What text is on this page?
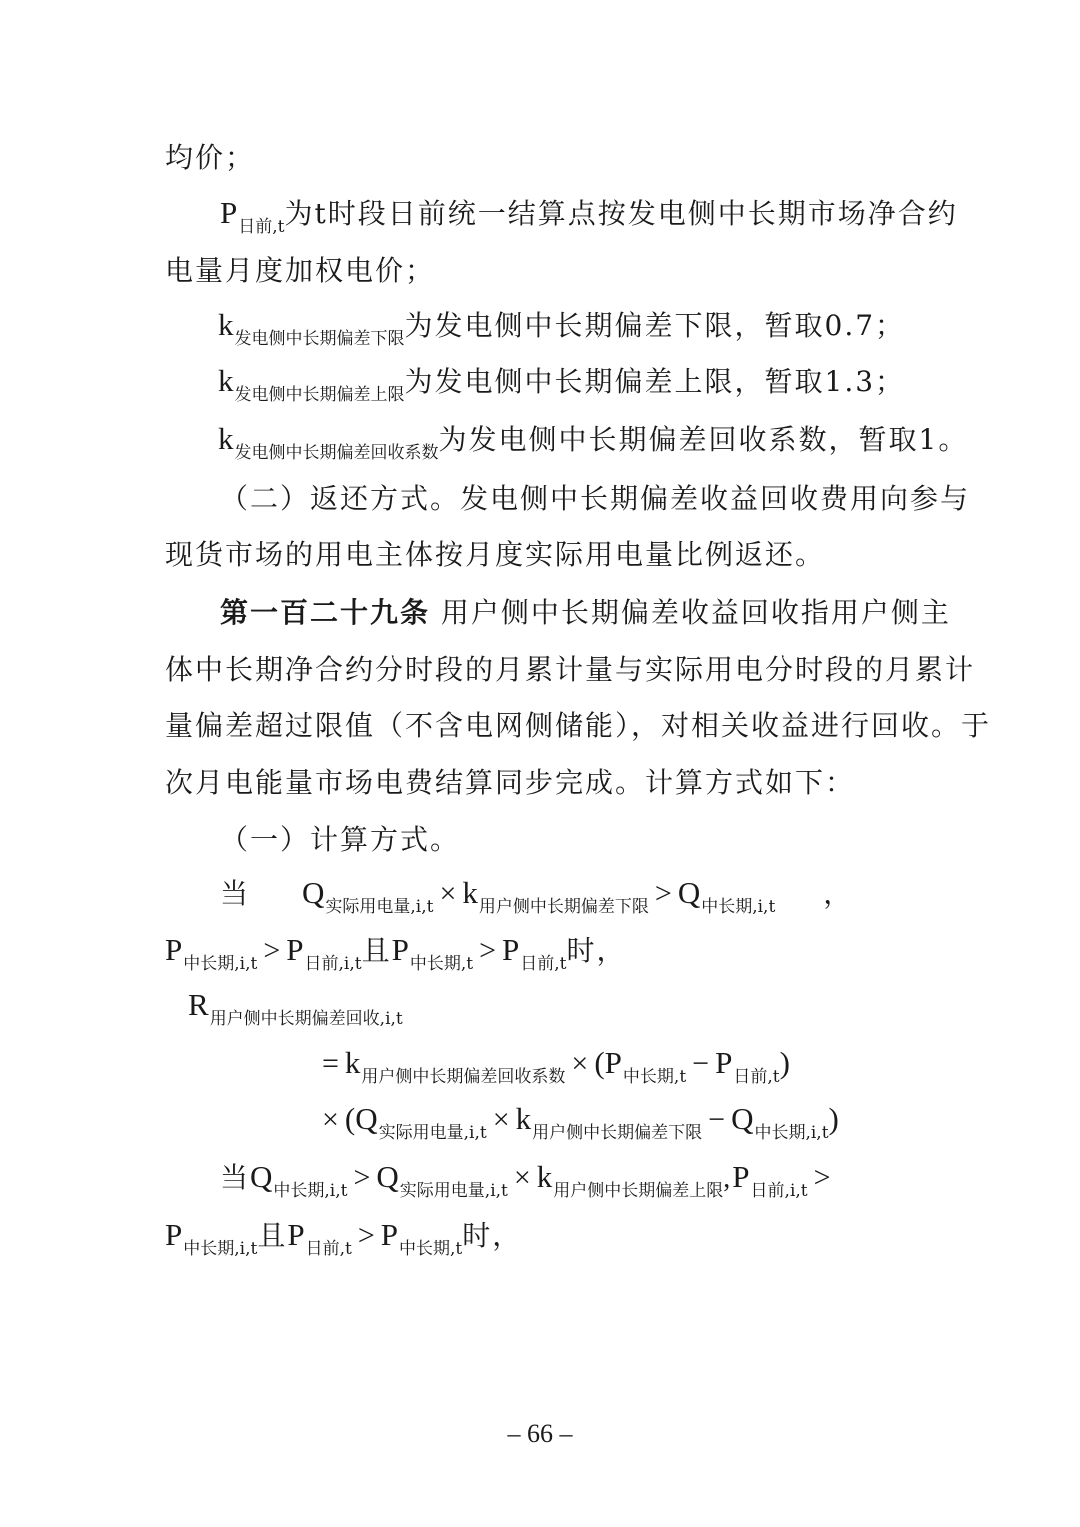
均价；
$P_{日前,t}$为t时段日前统一结算点按发电侧中长期市场净合约
电量月度加权电价；
$k_{发电侧中长期偏差下限}$为发电侧中长期偏差下限，暂取0.7；
$k_{发电侧中长期偏差上限}$为发电侧中长期偏差上限，暂取1.3；
$k_{发电侧中长期偏差回收系数}$为发电侧中长期偏差回收系数，暂取1。
（二）返还方式。发电侧中长期偏差收益回收费用向参与
现货市场的用电主体按月度实际用电量比例返还。
第一百二十九条 用户侧中长期偏差收益回收指用户侧主
体中长期净合约分时段的月累计量与实际用电分时段的月累计
量偏差超过限值（不含电网侧储能），对相关收益进行回收。于
次月电能量市场电费结算同步完成。计算方式如下：
（一）计算方式。
当 $Q_{实际用电量,i,t} \times k_{用户侧中长期偏差下限} > Q_{中长期,i,t}$ ，
$P_{中长期,i,t} > P_{日前,i,t}$且$P_{中长期,t} > P_{日前,t}$时，
$R_{用户侧中长期偏差回收,i,t}$
= $k_{用户侧中长期偏差回收系数} \times (P_{中长期,t} - P_{日前,t})$
× $(Q_{实际用电量,i,t} \times k_{用户侧中长期偏差下限} - Q_{中长期,i,t})$
当$Q_{中长期,i,t} > Q_{实际用电量,i,t} \times k_{用户侧中长期偏差上限},P_{日前,i,t}$ >
$P_{中长期,i,t}$且$P_{日前,t} > P_{中长期,t}$时，
– 66 –
